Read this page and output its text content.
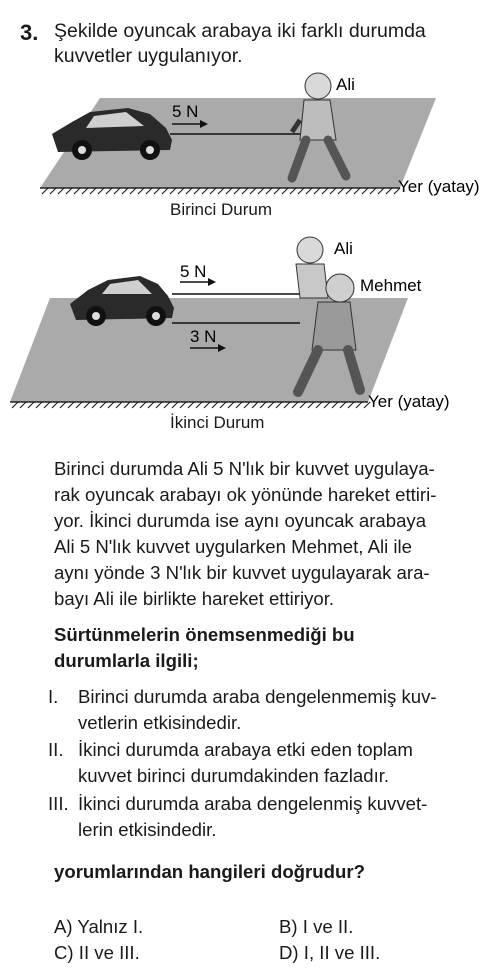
3. Şekilde oyuncak arabaya iki farklı durumda
kuvvetler uygulanıyor.
5 N
Ali
Yer (yatay)
Birinci Durum
5 N
3 N
Ali
Mehmet
Yer (yatay)
İkinci Durum
Birinci durumda Ali 5 N'lık bir kuvvet uygulaya-
rak oyuncak arabayı ok yönünde hareket ettiri-
yor. İkinci durumda ise aynı oyuncak arabaya
Ali 5 N'lık kuvvet uygularken Mehmet, Ali ile
aynı yönde 3 N'lık bir kuvvet uygulayarak ara-
bayı Ali ile birlikte hareket ettiriyor.
Sürtünmelerin önemsenmediği bu
durumlarla ilgili;
I. Birinci durumda araba dengelenmemiş kuv-
vetlerin etkisindedir.
II. İkinci durumda arabaya etki eden toplam
kuvvet birinci durumdakinden fazladır.
III. İkinci durumda araba dengelenmiş kuvvet-
lerin etkisindedir.
yorumlarından hangileri doğrudur?
A) Yalnız I.	B) I ve II.
C) II ve III.	D) I, II ve III.
